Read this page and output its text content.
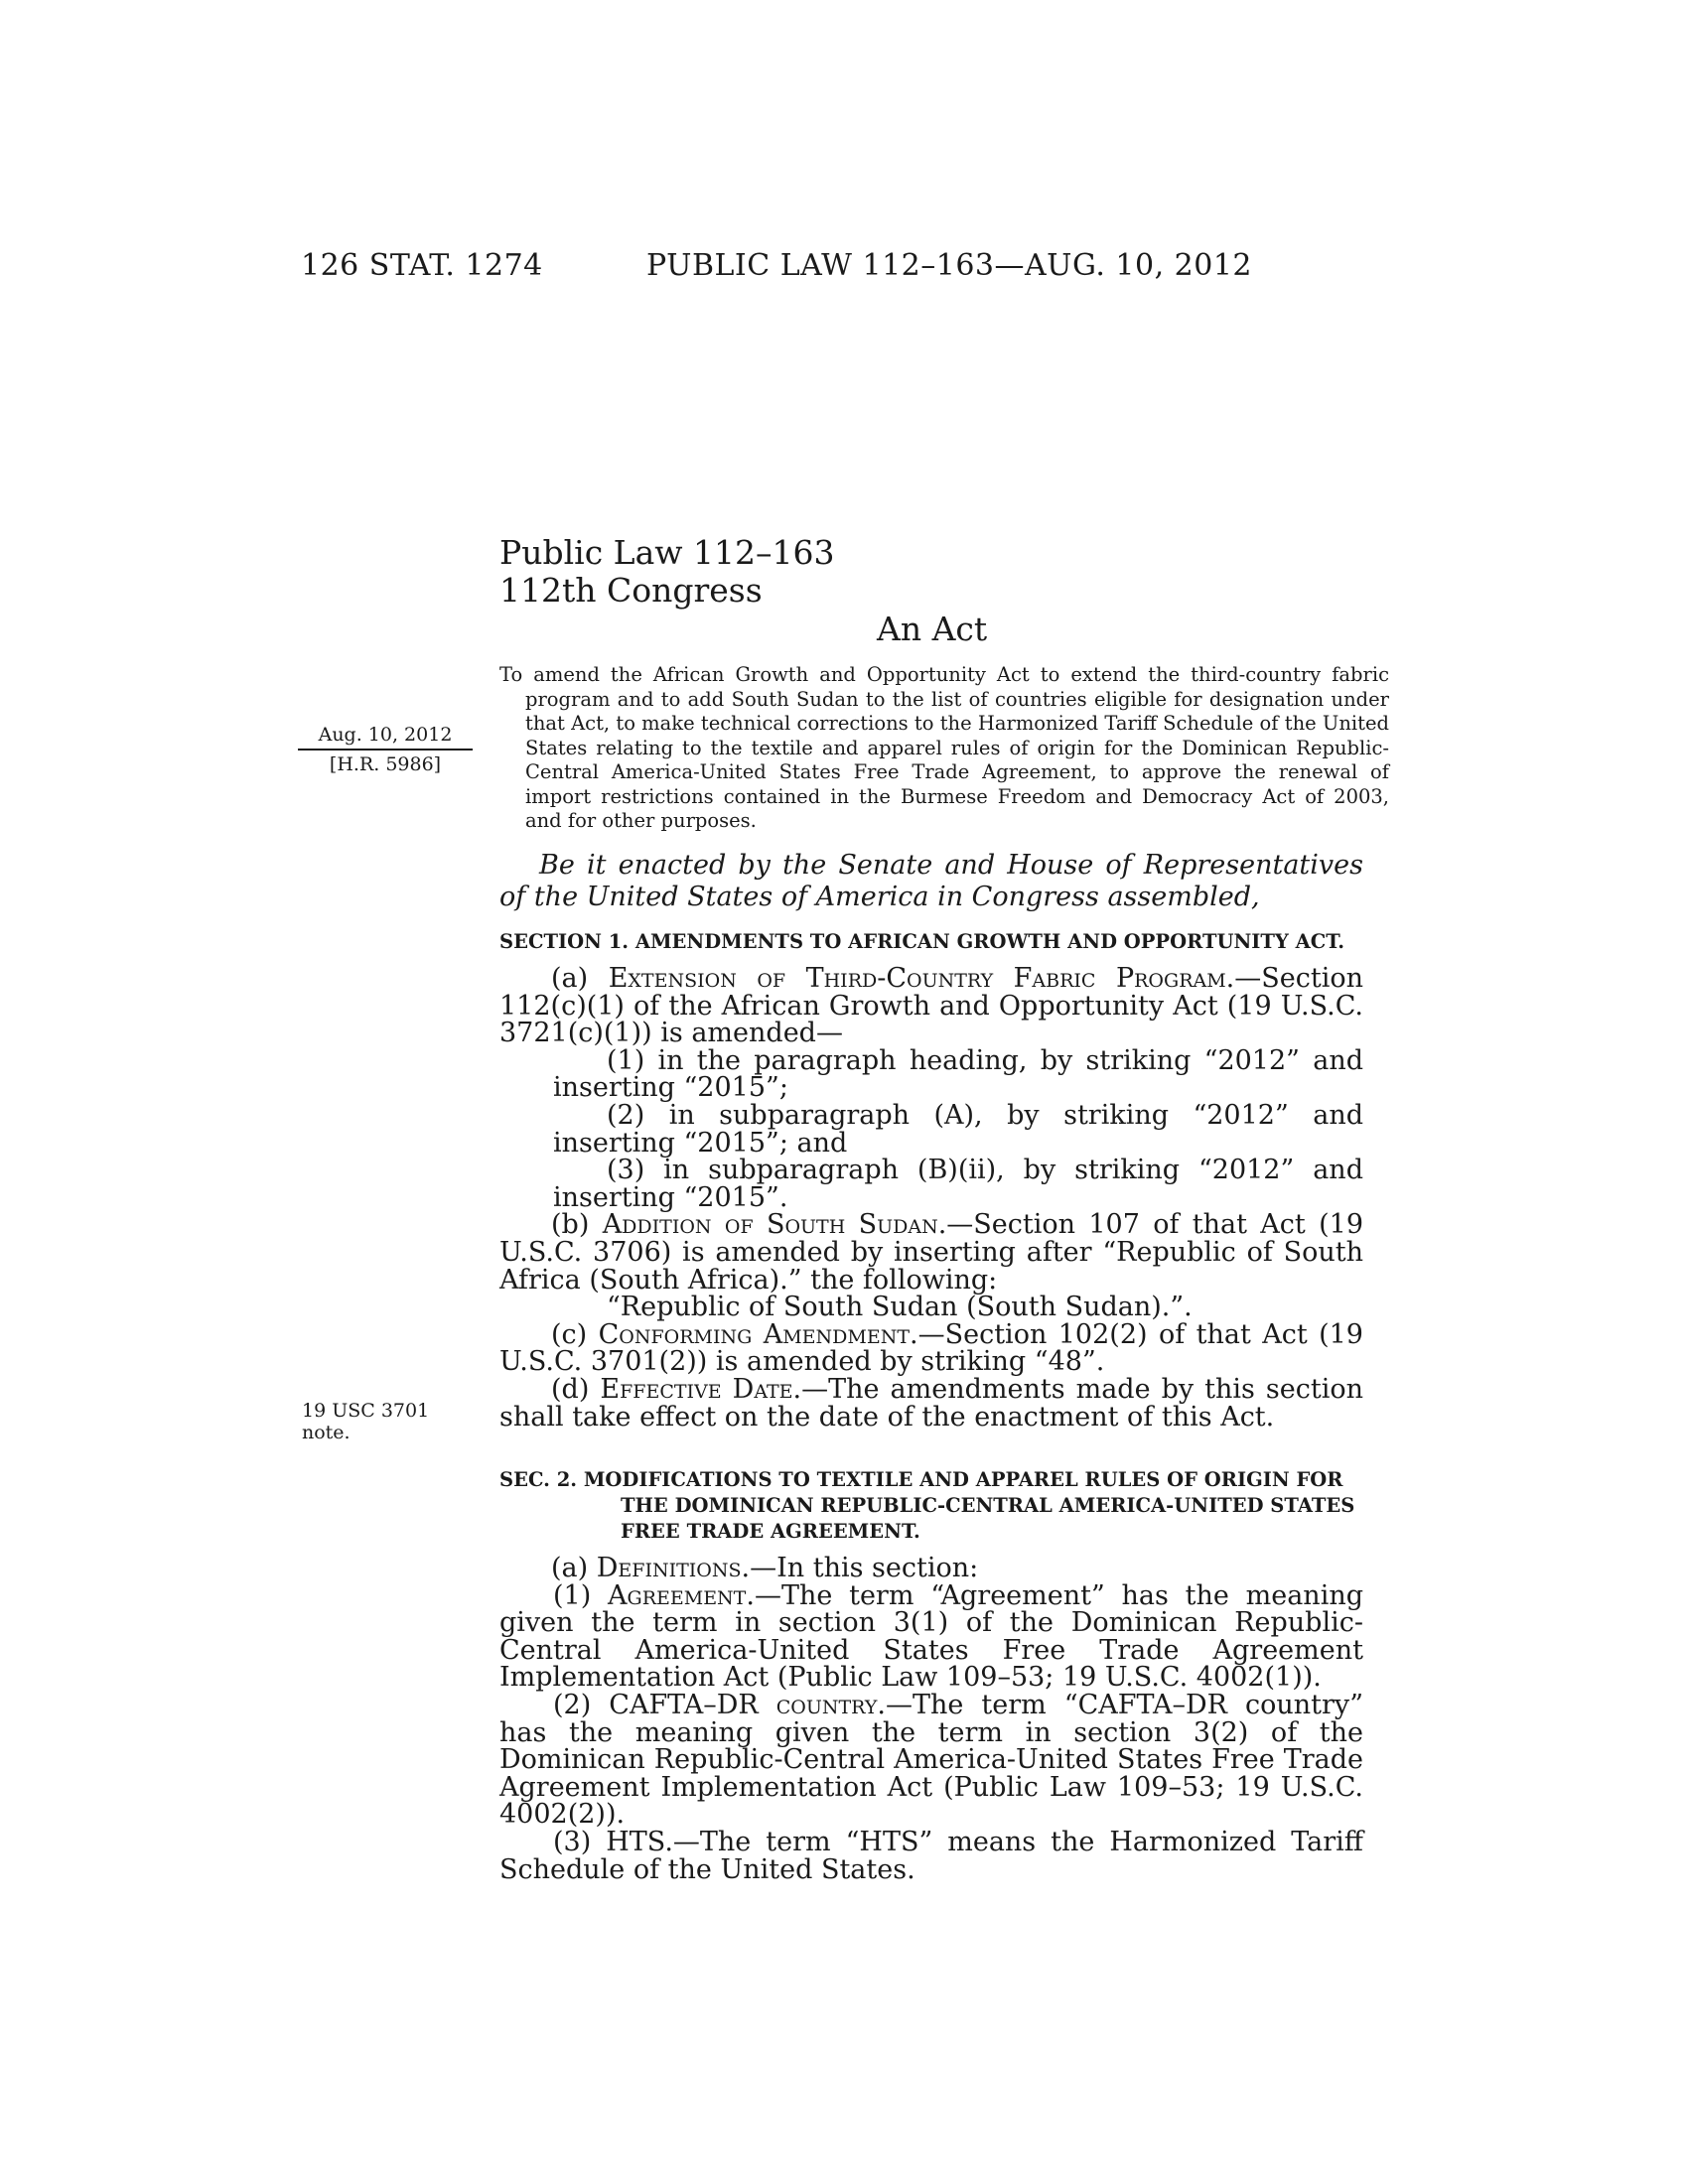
126 STAT. 1274	PUBLIC LAW 112–163—AUG. 10, 2012
Public Law 112–163
112th Congress
An Act
Aug. 10, 2012
[H.R. 5986]
To amend the African Growth and Opportunity Act to extend the third-country fabric program and to add South Sudan to the list of countries eligible for designation under that Act, to make technical corrections to the Harmonized Tariff Schedule of the United States relating to the textile and apparel rules of origin for the Dominican Republic-Central America-United States Free Trade Agreement, to approve the renewal of import restrictions contained in the Burmese Freedom and Democracy Act of 2003, and for other purposes.
Be it enacted by the Senate and House of Representatives of the United States of America in Congress assembled,

SECTION 1. AMENDMENTS TO AFRICAN GROWTH AND OPPORTUNITY ACT.

(a) Extension of Third-Country Fabric Program.—Section 112(c)(1) of the African Growth and Opportunity Act (19 U.S.C. 3721(c)(1)) is amended—

(1) in the paragraph heading, by striking “2012” and inserting “2015”;

(2) in subparagraph (A), by striking “2012” and inserting “2015”; and

(3) in subparagraph (B)(ii), by striking “2012” and inserting “2015”.

(b) Addition of South Sudan.—Section 107 of that Act (19 U.S.C. 3706) is amended by inserting after “Republic of South Africa (South Africa).” the following:

“Republic of South Sudan (South Sudan).”.

(c) Conforming Amendment.—Section 102(2) of that Act (19 U.S.C. 3701(2)) is amended by striking “48”.

(d) Effective Date.—The amendments made by this section shall take effect on the date of the enactment of this Act.

19 USC 3701
note.

SEC. 2. MODIFICATIONS TO TEXTILE AND APPAREL RULES OF ORIGIN FOR THE DOMINICAN REPUBLIC-CENTRAL AMERICA-UNITED STATES FREE TRADE AGREEMENT.

(a) Definitions.—In this section:

(1) Agreement.—The term “Agreement” has the meaning given the term in section 3(1) of the Dominican Republic-Central America-United States Free Trade Agreement Implementation Act (Public Law 109–53; 19 U.S.C. 4002(1)).

(2) CAFTA–DR country.—The term “CAFTA–DR country” has the meaning given the term in section 3(2) of the Dominican Republic-Central America-United States Free Trade Agreement Implementation Act (Public Law 109–53; 19 U.S.C. 4002(2)).

(3) HTS.—The term “HTS” means the Harmonized Tariff Schedule of the United States.
